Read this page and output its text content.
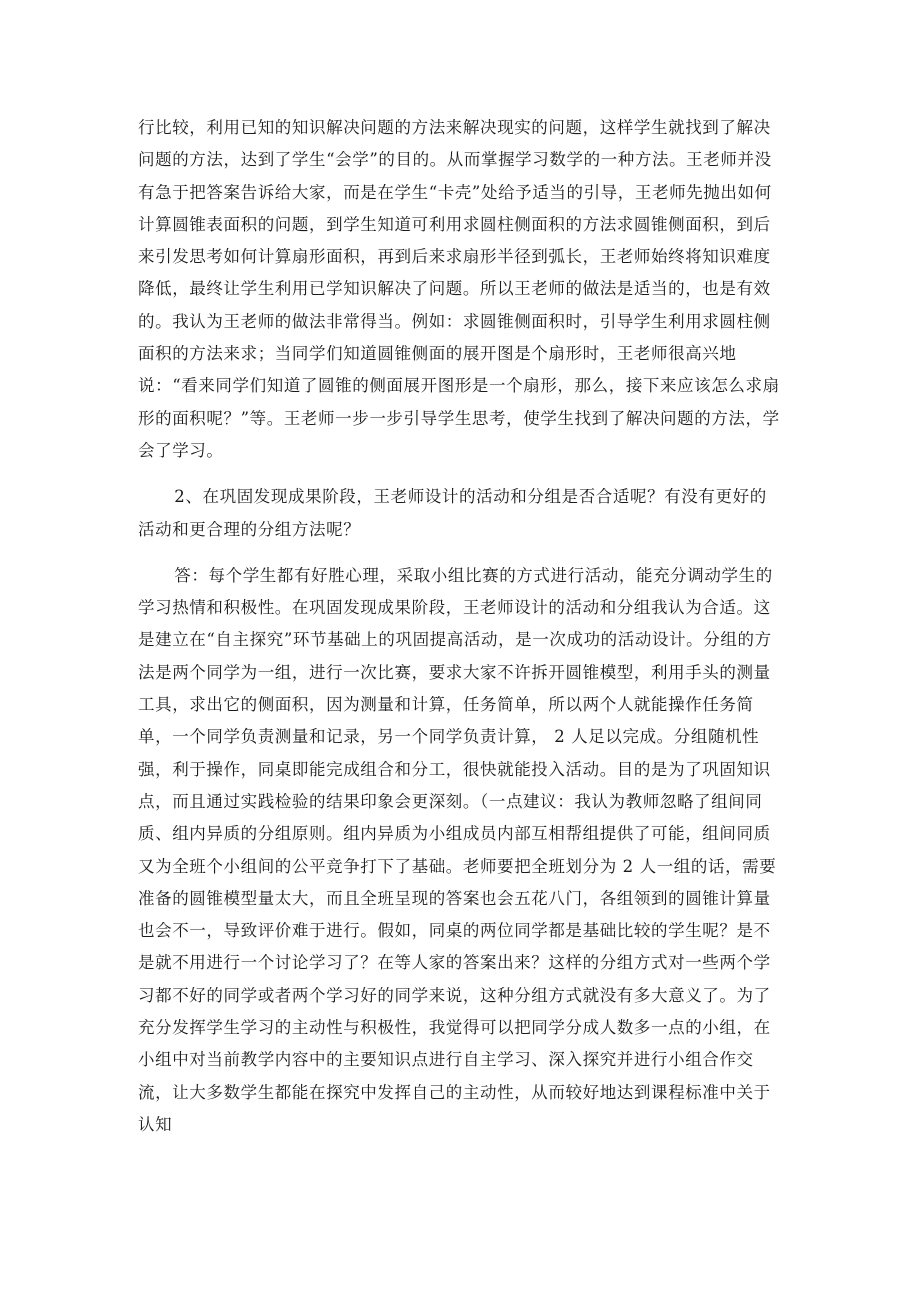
行比较，利用已知的知识解决问题的方法来解决现实的问题，这样学生就找到了解决问题的方法，达到了学生“会学”的目的。从而掌握学习数学的一种方法。王老师并没有急于把答案告诉给大家，而是在学生“卡壳”处给予适当的引导，王老师先抛出如何计算圆锥表面积的问题，到学生知道可利用求圆柱侧面积的方法求圆锥侧面积，到后来引发思考如何计算扇形面积，再到后来求扇形半径到弧长，王老师始终将知识难度降低，最终让学生利用已学知识解决了问题。所以王老师的做法是适当的，也是有效的。我认为王老师的做法非常得当。例如：求圆锥侧面积时，引导学生利用求圆柱侧面积的方法来求；当同学们知道圆锥侧面的展开图是个扇形时，王老师很高兴地说：“看来同学们知道了圆锥的侧面展开图形是一个扇形，那么，接下来应该怎么求扇形的面积呢？”等。王老师一步一步引导学生思考，使学生找到了解决问题的方法，学会了学习。

2、在巩固发现成果阶段，王老师设计的活动和分组是否合适呢？有没有更好的活动和更合理的分组方法呢？

答：每个学生都有好胜心理，采取小组比赛的方式进行活动，能充分调动学生的学习热情和积极性。在巩固发现成果阶段，王老师设计的活动和分组我认为合适。这是建立在“自主探究”环节基础上的巩固提高活动，是一次成功的活动设计。分组的方法是两个同学为一组，进行一次比赛，要求大家不许拆开圆锥模型，利用手头的测量工具，求出它的侧面积，因为测量和计算，任务简单，所以两个人就能操作任务简单，一个同学负责测量和记录，另一个同学负责计算， 2 人足以完成。分组随机性强，利于操作，同桌即能完成组合和分工，很快就能投入活动。目的是为了巩固知识点，而且通过实践检验的结果印象会更深刻。（一点建议：我认为教师忽略了组间同质、组内异质的分组原则。组内异质为小组成员内部互相帮组提供了可能，组间同质又为全班个小组间的公平竞争打下了基础。老师要把全班划分为 2 人一组的话，需要准备的圆锥模型量太大，而且全班呈现的答案也会五花八门，各组领到的圆锥计算量也会不一，导致评价难于进行。假如，同桌的两位同学都是基础比较的学生呢？是不是就不用进行一个讨论学习了？在等人家的答案出来？这样的分组方式对一些两个学习都不好的同学或者两个学习好的同学来说，这种分组方式就没有多大意义了。为了充分发挥学生学习的主动性与积极性，我觉得可以把同学分成人数多一点的小组，在小组中对当前教学内容中的主要知识点进行自主学习、深入探究并进行小组合作交流，让大多数学生都能在探究中发挥自己的主动性，从而较好地达到课程标准中关于认知
